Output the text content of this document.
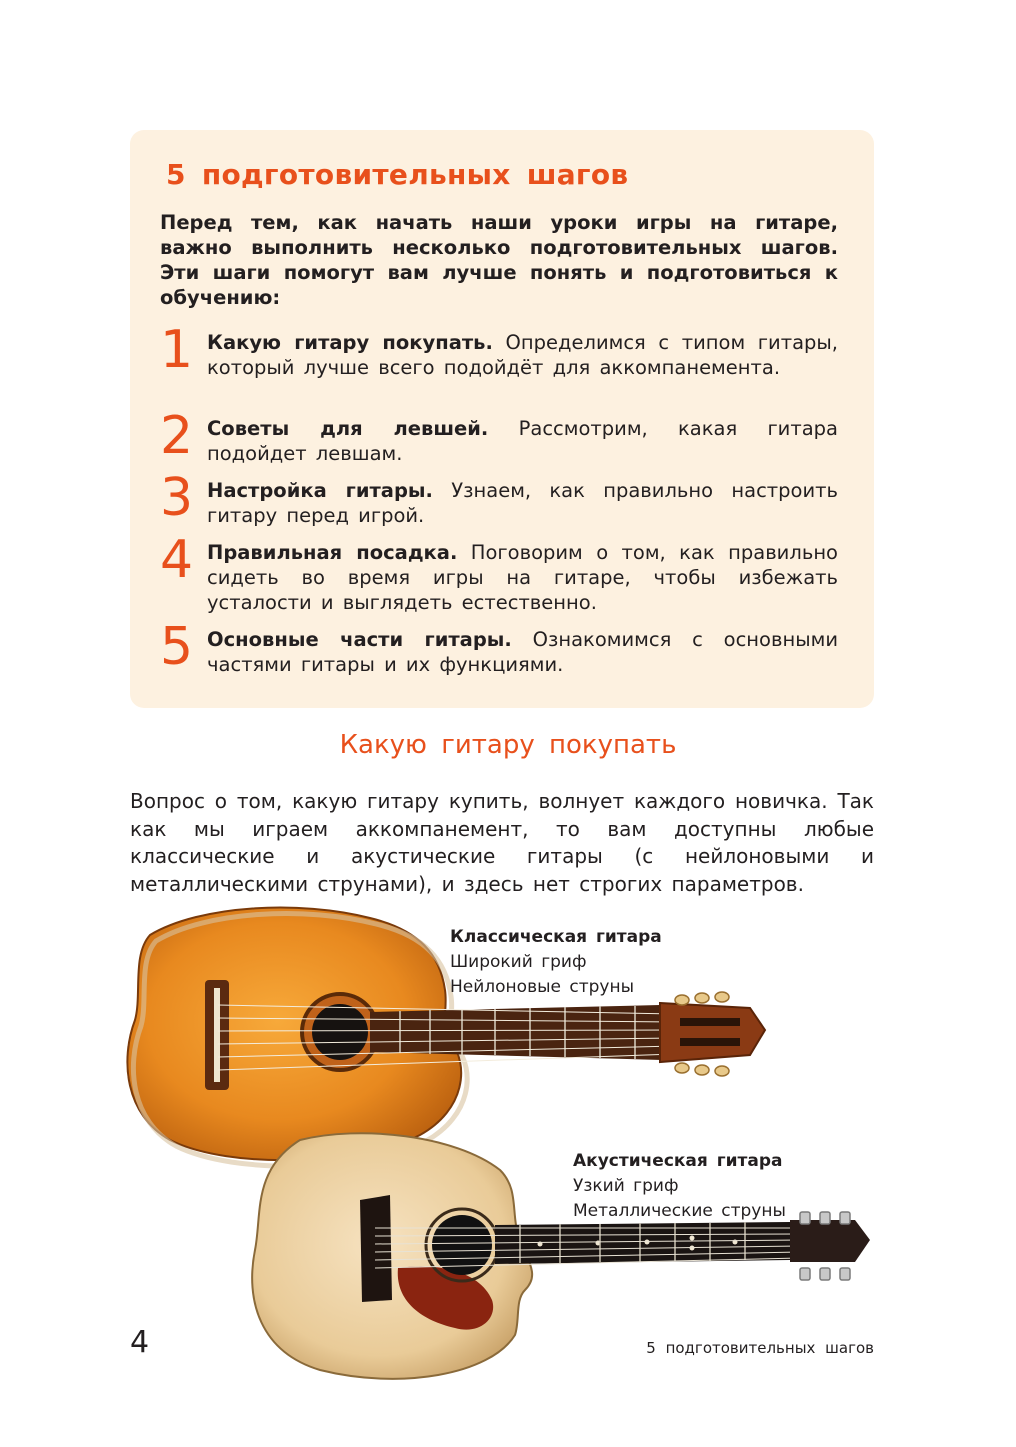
5 подготовительных шагов

Перед тем, как начать наши уроки игры на гитаре, важно выполнить несколько подготовительных шагов. Эти шаги помогут вам лучше понять и подготовиться к обучению:

1 Какую гитару покупать. Определимся с типом гитары, который лучше всего подойдёт для аккомпанемента.
2 Советы для левшей. Рассмотрим, какая гитара подойдет левшам.
3 Настройка гитары. Узнаем, как правильно настроить гитару перед игрой.
4 Правильная посадка. Поговорим о том, как правильно сидеть во время игры на гитаре, чтобы избежать усталости и выглядеть естественно.
5 Основные части гитары. Ознакомимся с основными частями гитары и их функциями.
Какую гитару покупать

Вопрос о том, какую гитару купить, волнует каждого новичка. Так как мы играем аккомпанемент, то вам доступны любые классические и акустические гитары (с нейлоновыми и металлическими струнами), и здесь нет строгих параметров.

Классическая гитара
Широкий гриф
Нейлоновые струны
Акустическая гитара
Узкий гриф
Металлические струны
4	5 подготовительных шагов
